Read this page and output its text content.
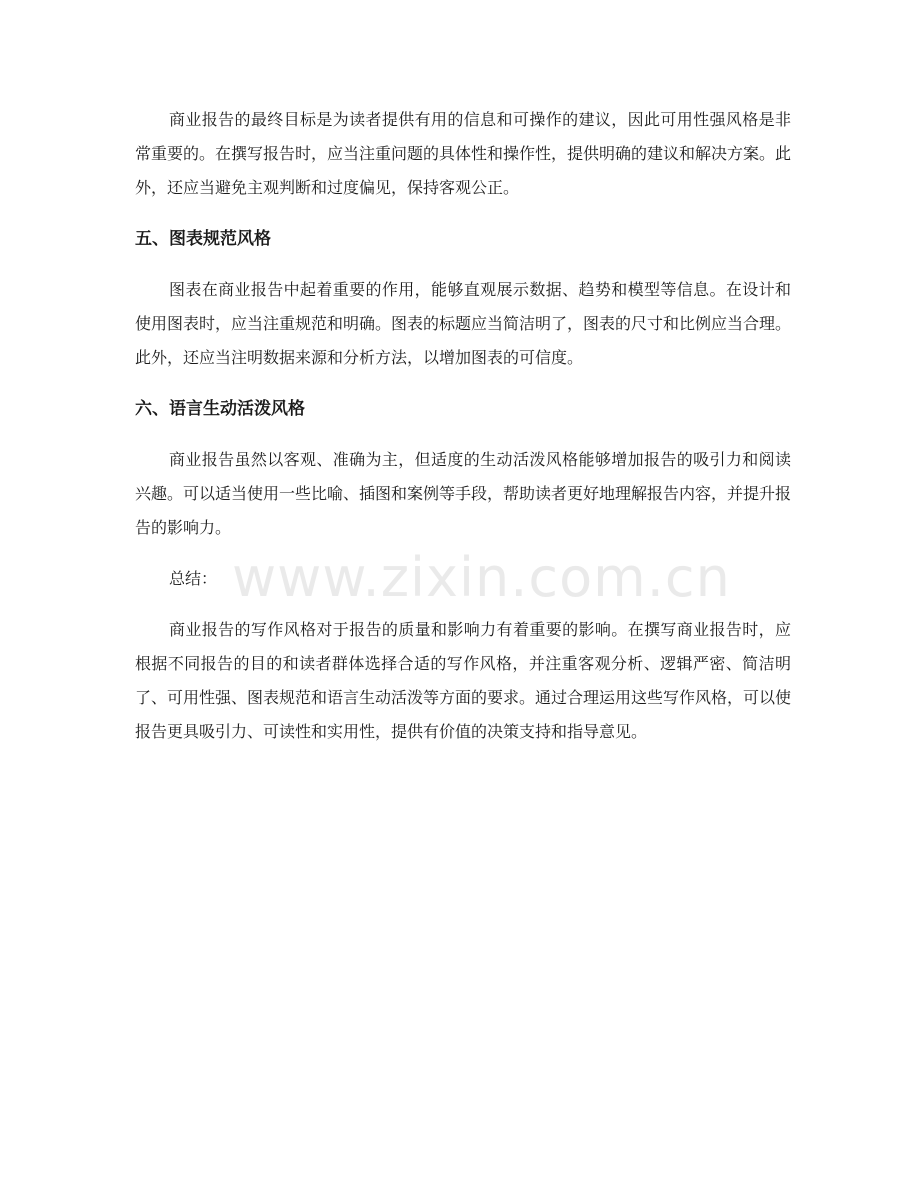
商业报告的最终目标是为读者提供有用的信息和可操作的建议，因此可用性强风格是非常重要的。在撰写报告时，应当注重问题的具体性和操作性，提供明确的建议和解决方案。此外，还应当避免主观判断和过度偏见，保持客观公正。

五、图表规范风格

图表在商业报告中起着重要的作用，能够直观展示数据、趋势和模型等信息。在设计和使用图表时，应当注重规范和明确。图表的标题应当简洁明了，图表的尺寸和比例应当合理。此外，还应当注明数据来源和分析方法，以增加图表的可信度。

六、语言生动活泼风格

商业报告虽然以客观、准确为主，但适度的生动活泼风格能够增加报告的吸引力和阅读兴趣。可以适当使用一些比喻、插图和案例等手段，帮助读者更好地理解报告内容，并提升报告的影响力。

总结：

商业报告的写作风格对于报告的质量和影响力有着重要的影响。在撰写商业报告时，应根据不同报告的目的和读者群体选择合适的写作风格，并注重客观分析、逻辑严密、简洁明了、可用性强、图表规范和语言生动活泼等方面的要求。通过合理运用这些写作风格，可以使报告更具吸引力、可读性和实用性，提供有价值的决策支持和指导意见。

www.zixin.com.cn
